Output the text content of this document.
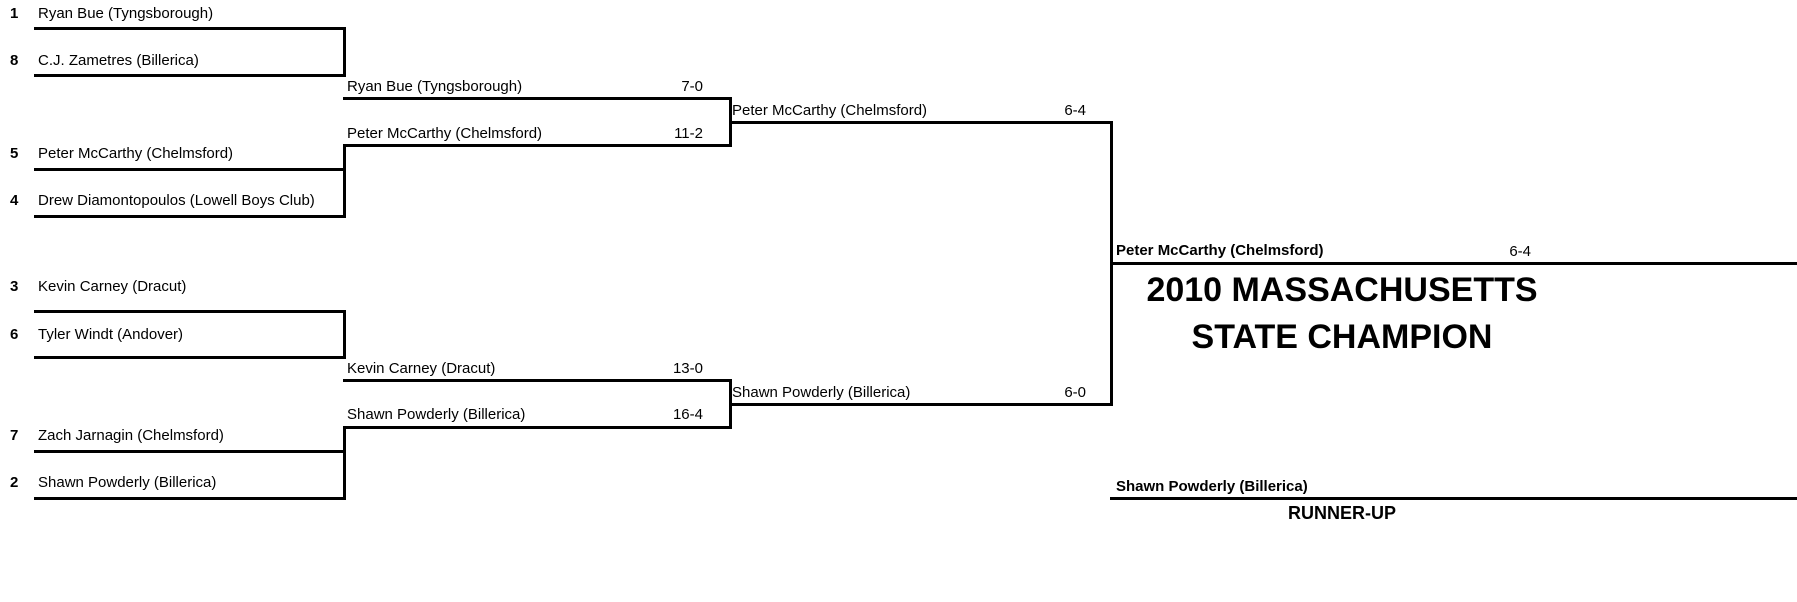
1 Ryan Bue (Tyngsborough)
8 C.J. Zametres (Billerica)
5 Peter McCarthy (Chelmsford)
4 Drew Diamontopoulos (Lowell Boys Club)
3 Kevin Carney (Dracut)
6 Tyler Windt (Andover)
7 Zach Jarnagin (Chelmsford)
2 Shawn Powderly (Billerica)
Ryan Bue (Tyngsborough)	7-0
Peter McCarthy (Chelmsford)	11-2
Kevin Carney (Dracut)	13-0
Shawn Powderly (Billerica)	16-4
Peter McCarthy (Chelmsford)	6-4
Shawn Powderly (Billerica)	6-0
Peter McCarthy (Chelmsford)	6-4
2010 MASSACHUSETTS
STATE CHAMPION
Shawn Powderly (Billerica)
RUNNER-UP
